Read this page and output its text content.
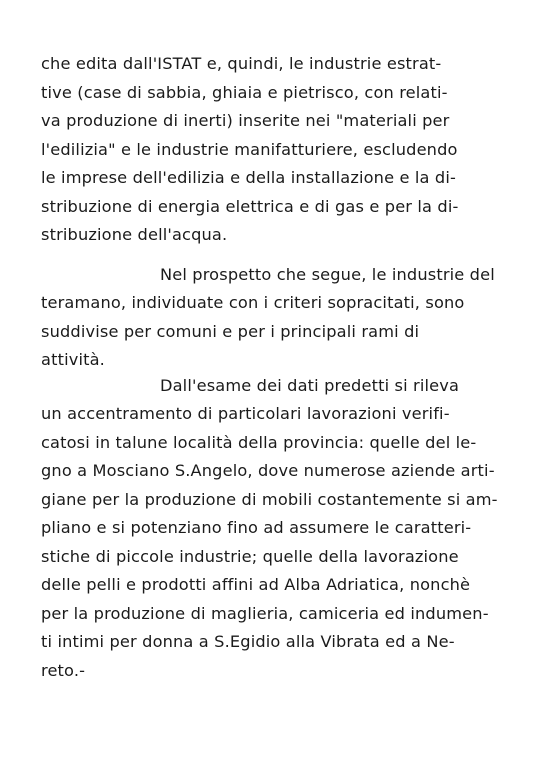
che edita dall'ISTAT e, quindi, le industrie estrat-
tive (case di sabbia, ghiaia e pietrisco, con relati-
va produzione di inerti) inserite nei "materiali per
l'edilizia" e le industrie manifatturiere, escludendo
le imprese dell'edilizia e della installazione e la di-
stribuzione di energia elettrica e di gas e per la di-
stribuzione dell'acqua.
Nel prospetto che segue, le industrie del
teramano, individuate con i criteri sopracitati, sono
suddivise per comuni e per i principali rami di
attività.
Dall'esame dei dati predetti si rileva
un accentramento di particolari lavorazioni verifi-
catosi in talune località della provincia: quelle del le-
gno a Mosciano S.Angelo, dove numerose aziende arti-
giane per la produzione di mobili costantemente si am-
pliano e si potenziano fino ad assumere le caratteri-
stiche di piccole industrie; quelle della lavorazione
delle pelli e prodotti affini ad Alba Adriatica, nonchè
per la produzione di maglieria, camiceria ed indumen-
ti intimi per donna a S.Egidio alla Vibrata ed a Ne-
reto.-
